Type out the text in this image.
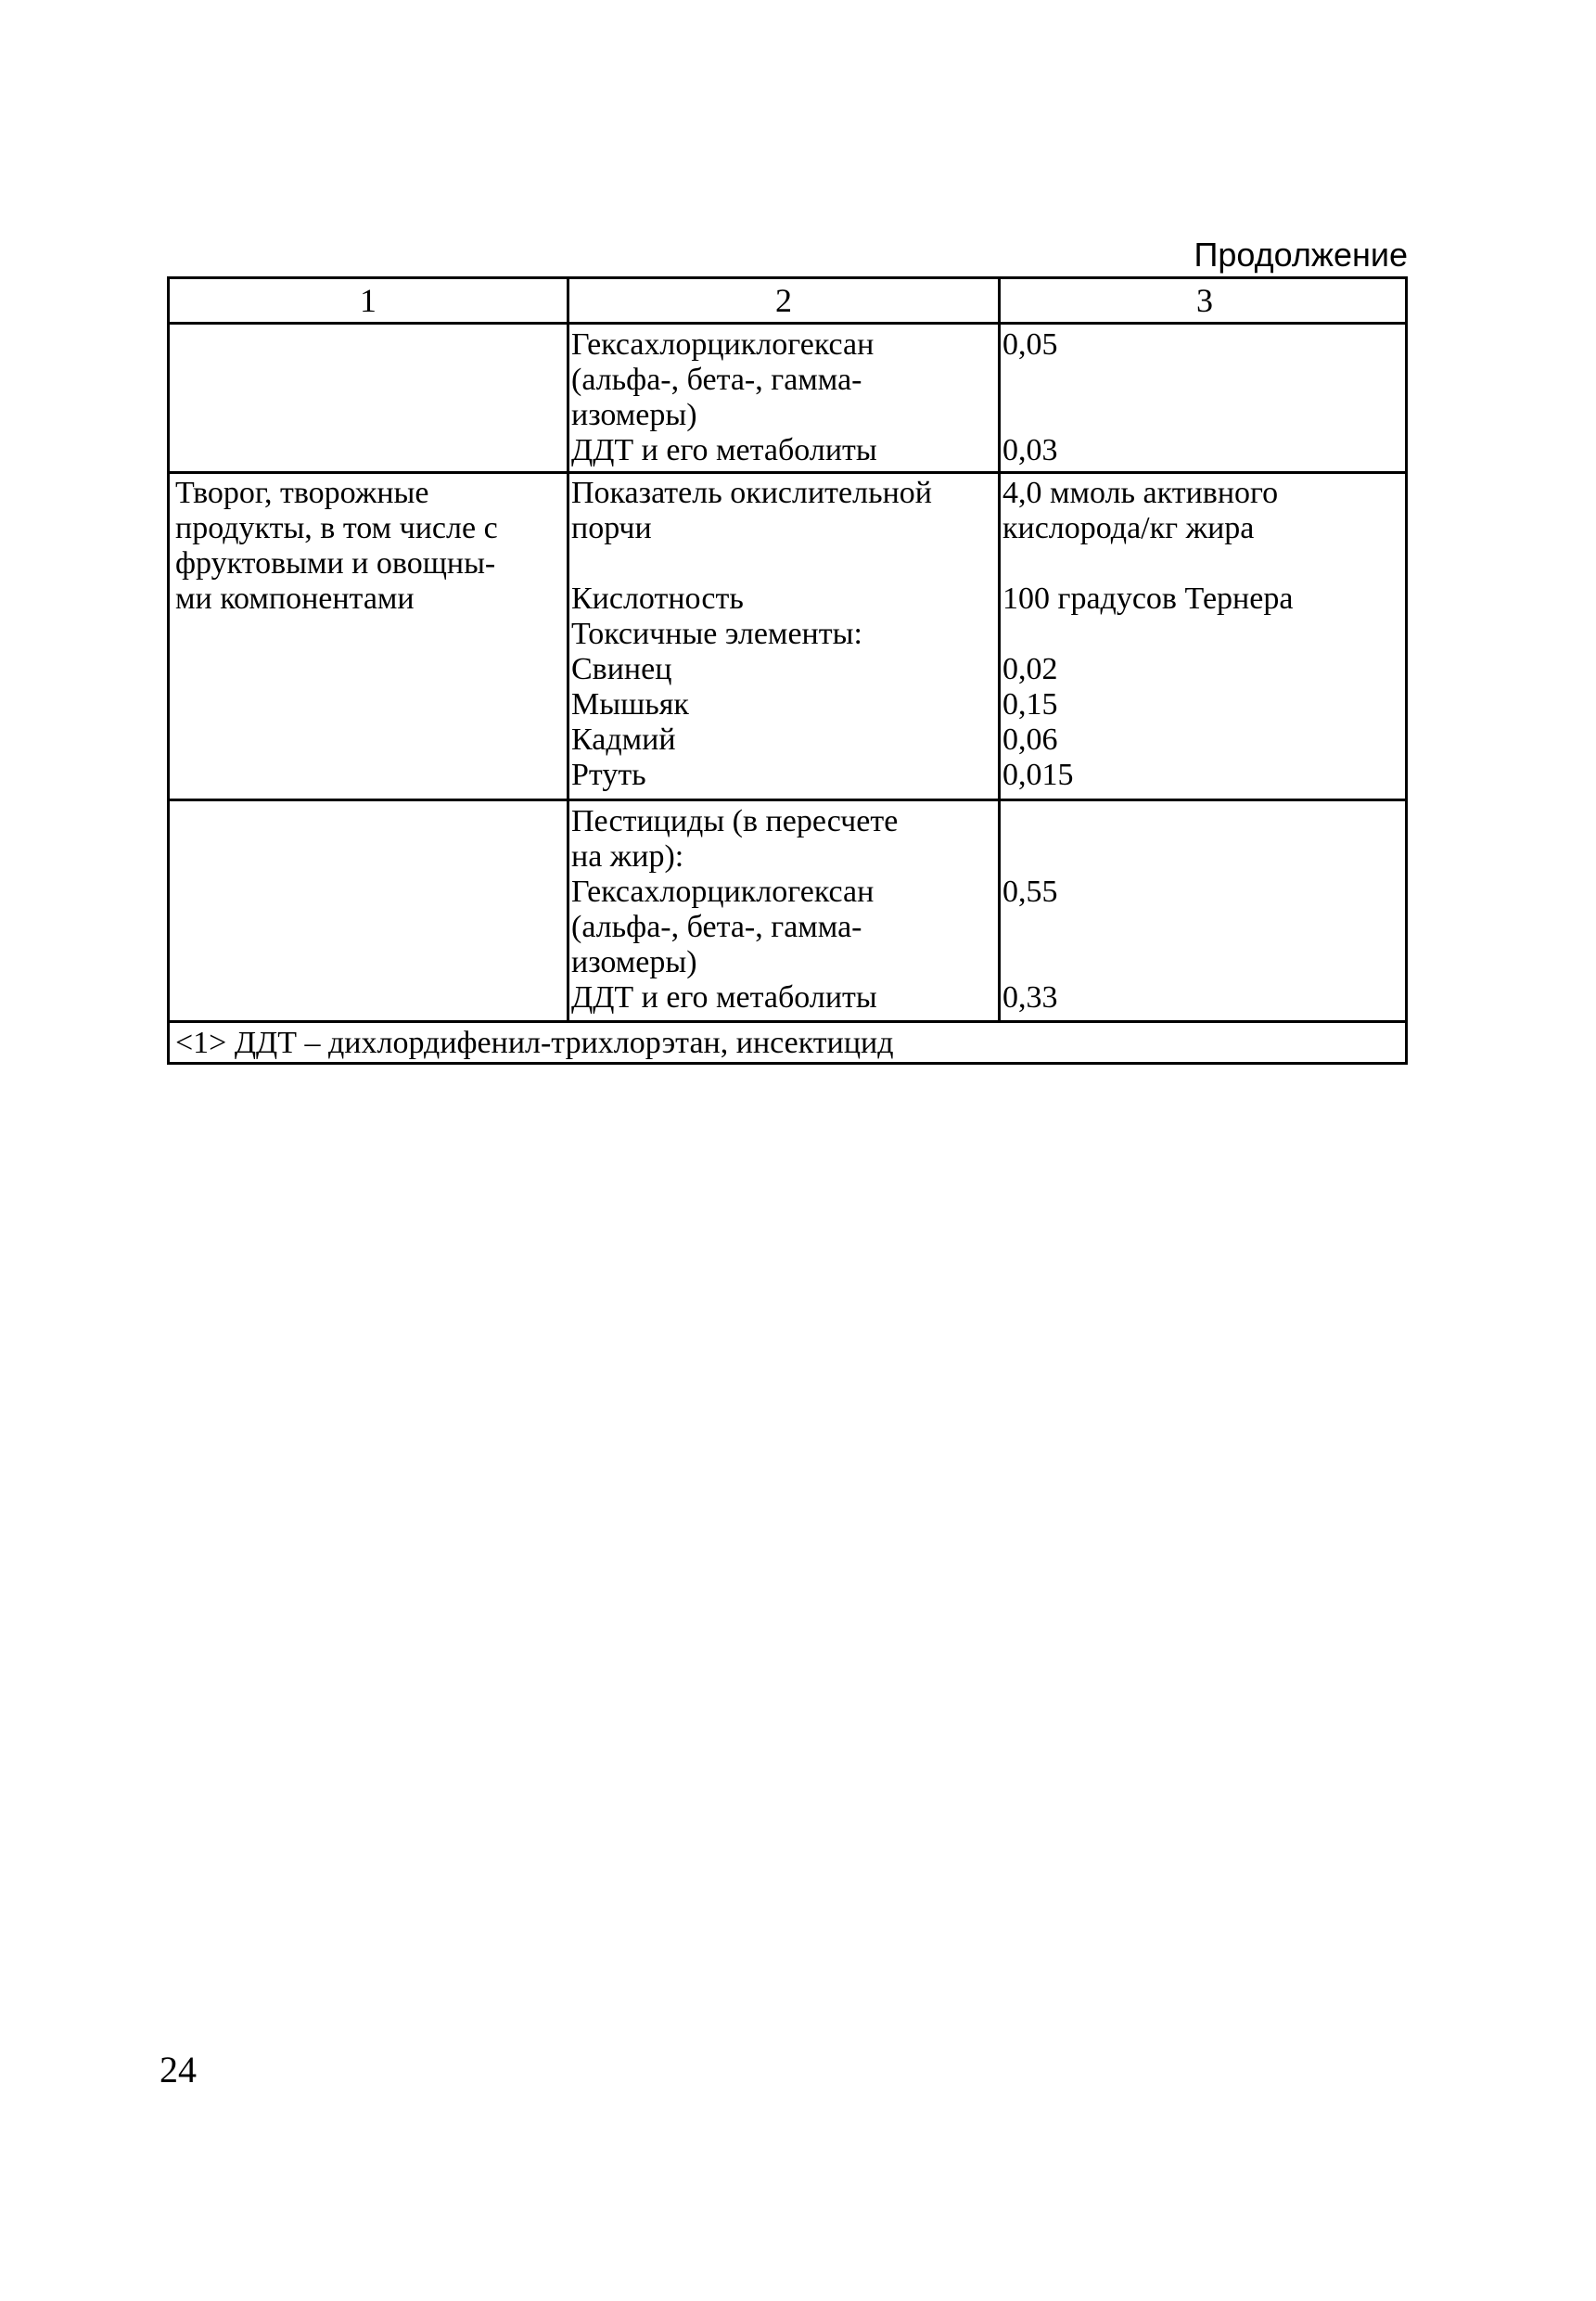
Продолжение
1	2	3
Гексахлорциклогексан
(альфа-, бета-, гамма-
изомеры)
ДДТ и его метаболиты
0,05
0,03
Творог, творожные
продукты, в том числе с
фруктовыми и овощны-
ми компонентами
Показатель окислительной
порчи
Кислотность
Токсичные элементы:
Свинец
Мышьяк
Кадмий
Ртуть
4,0 ммоль активного
кислорода/кг жира
100 градусов Тернера
0,02
0,15
0,06
0,015
Пестициды (в пересчете
на жир):
Гексахлорциклогексан
(альфа-, бета-, гамма-
изомеры)
ДДТ и его метаболиты
0,55
0,33
<1> ДДТ – дихлордифенил-трихлорэтан, инсектицид
24
